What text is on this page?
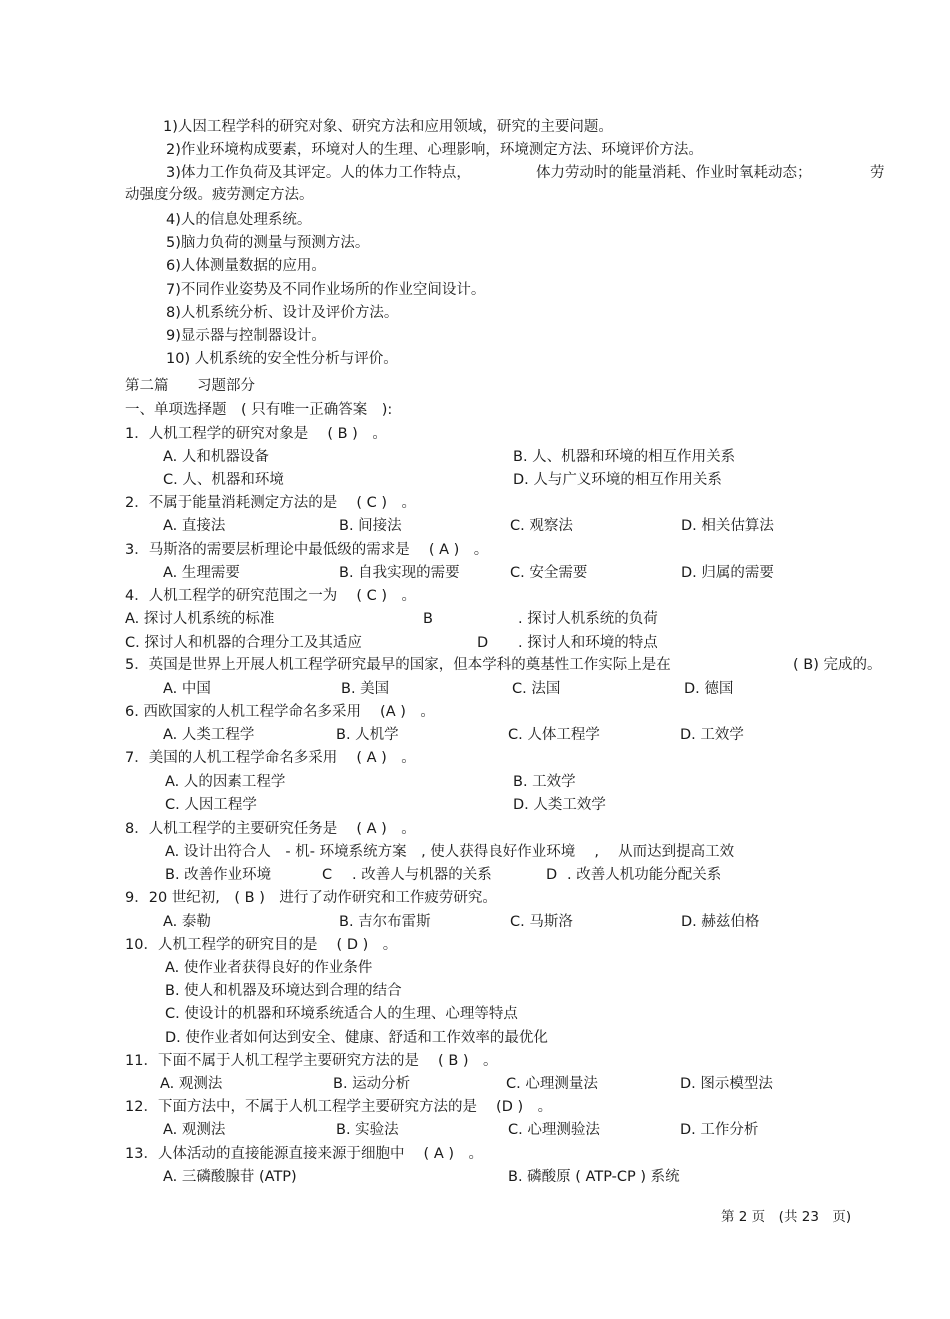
1)人因工程学科的研究对象、研究方法和应用领域，研究的主要问题。
2)作业环境构成要素，环境对人的生理、心理影响，环境测定方法、环境评价方法。
3)体力工作负荷及其评定。人的体力工作特点，	体力劳动时的能量消耗、作业时氧耗动态；	劳
动强度分级。疲劳测定方法。
4)人的信息处理系统。
5)脑力负荷的测量与预测方法。
6)人体测量数据的应用。
7)不同作业姿势及不同作业场所的作业空间设计。
8)人机系统分析、设计及评价方法。
9)显示器与控制器设计。
10) 人机系统的安全性分析与评价。
第二篇 习题部分
一、单项选择题　( 只有唯一正确答案　):
1．人机工程学的研究对象是　 ( B )　。
A. 人和机器设备	B. 人、机器和环境的相互作用关系
C. 人、机器和环境	D. 人与广义环境的相互作用关系
2．不属于能量消耗测定方法的是　 ( C )　。
A. 直接法	B. 间接法	C. 观察法	D. 相关估算法
3．马斯洛的需要层析理论中最低级的需求是　 ( A )　。
A. 生理需要	B. 自我实现的需要	C. 安全需要	D. 归属的需要
4．人机工程学的研究范围之一为　 ( C )　。
A. 探讨人机系统的标准	B	. 探讨人机系统的负荷
C. 探讨人和机器的合理分工及其适应	D . 探讨人和环境的特点
5．英国是世界上开展人机工程学研究最早的国家，但本学科的奠基性工作实际上是在	( B) 完成的。
A. 中国	B. 美国	C. 法国	D. 德国
6. 西欧国家的人机工程学命名多采用　 (A )　。
A. 人类工程学	B. 人机学	C. 人体工程学	D. 工效学
7．美国的人机工程学命名多采用　 ( A )　。
A. 人的因素工程学	B. 工效学
C. 人因工程学	D. 人类工效学
8．人机工程学的主要研究任务是　 ( A )　。
A. 设计出符合人　- 机- 环境系统方案　, 使人获得良好作业环境　 ,　 从而达到提高工效
B. 改善作业环境	C . 改善人与机器的关系	D . 改善人机功能分配关系
9．20 世纪初,　( B )　进行了动作研究和工作疲劳研究。
A. 泰勒	B. 吉尔布雷斯	C. 马斯洛	D. 赫兹伯格
10．人机工程学的研究目的是　 ( D )　。
A. 使作业者获得良好的作业条件
B. 使人和机器及环境达到合理的结合
C. 使设计的机器和环境系统适合人的生理、心理等特点
D. 使作业者如何达到安全、健康、舒适和工作效率的最优化
11．下面不属于人机工程学主要研究方法的是　 ( B )　。
A. 观测法	B. 运动分析	C. 心理测量法	D. 图示模型法
12．下面方法中，不属于人机工程学主要研究方法的是　 (D )　。
A. 观测法	B. 实验法	C. 心理测验法	D. 工作分析
13．人体活动的直接能源直接来源于细胞中　 ( A )　。
A. 三磷酸腺苷 (ATP)	B. 磷酸原 ( ATP-CP ) 系统
第 2 页　(共 23　页)
